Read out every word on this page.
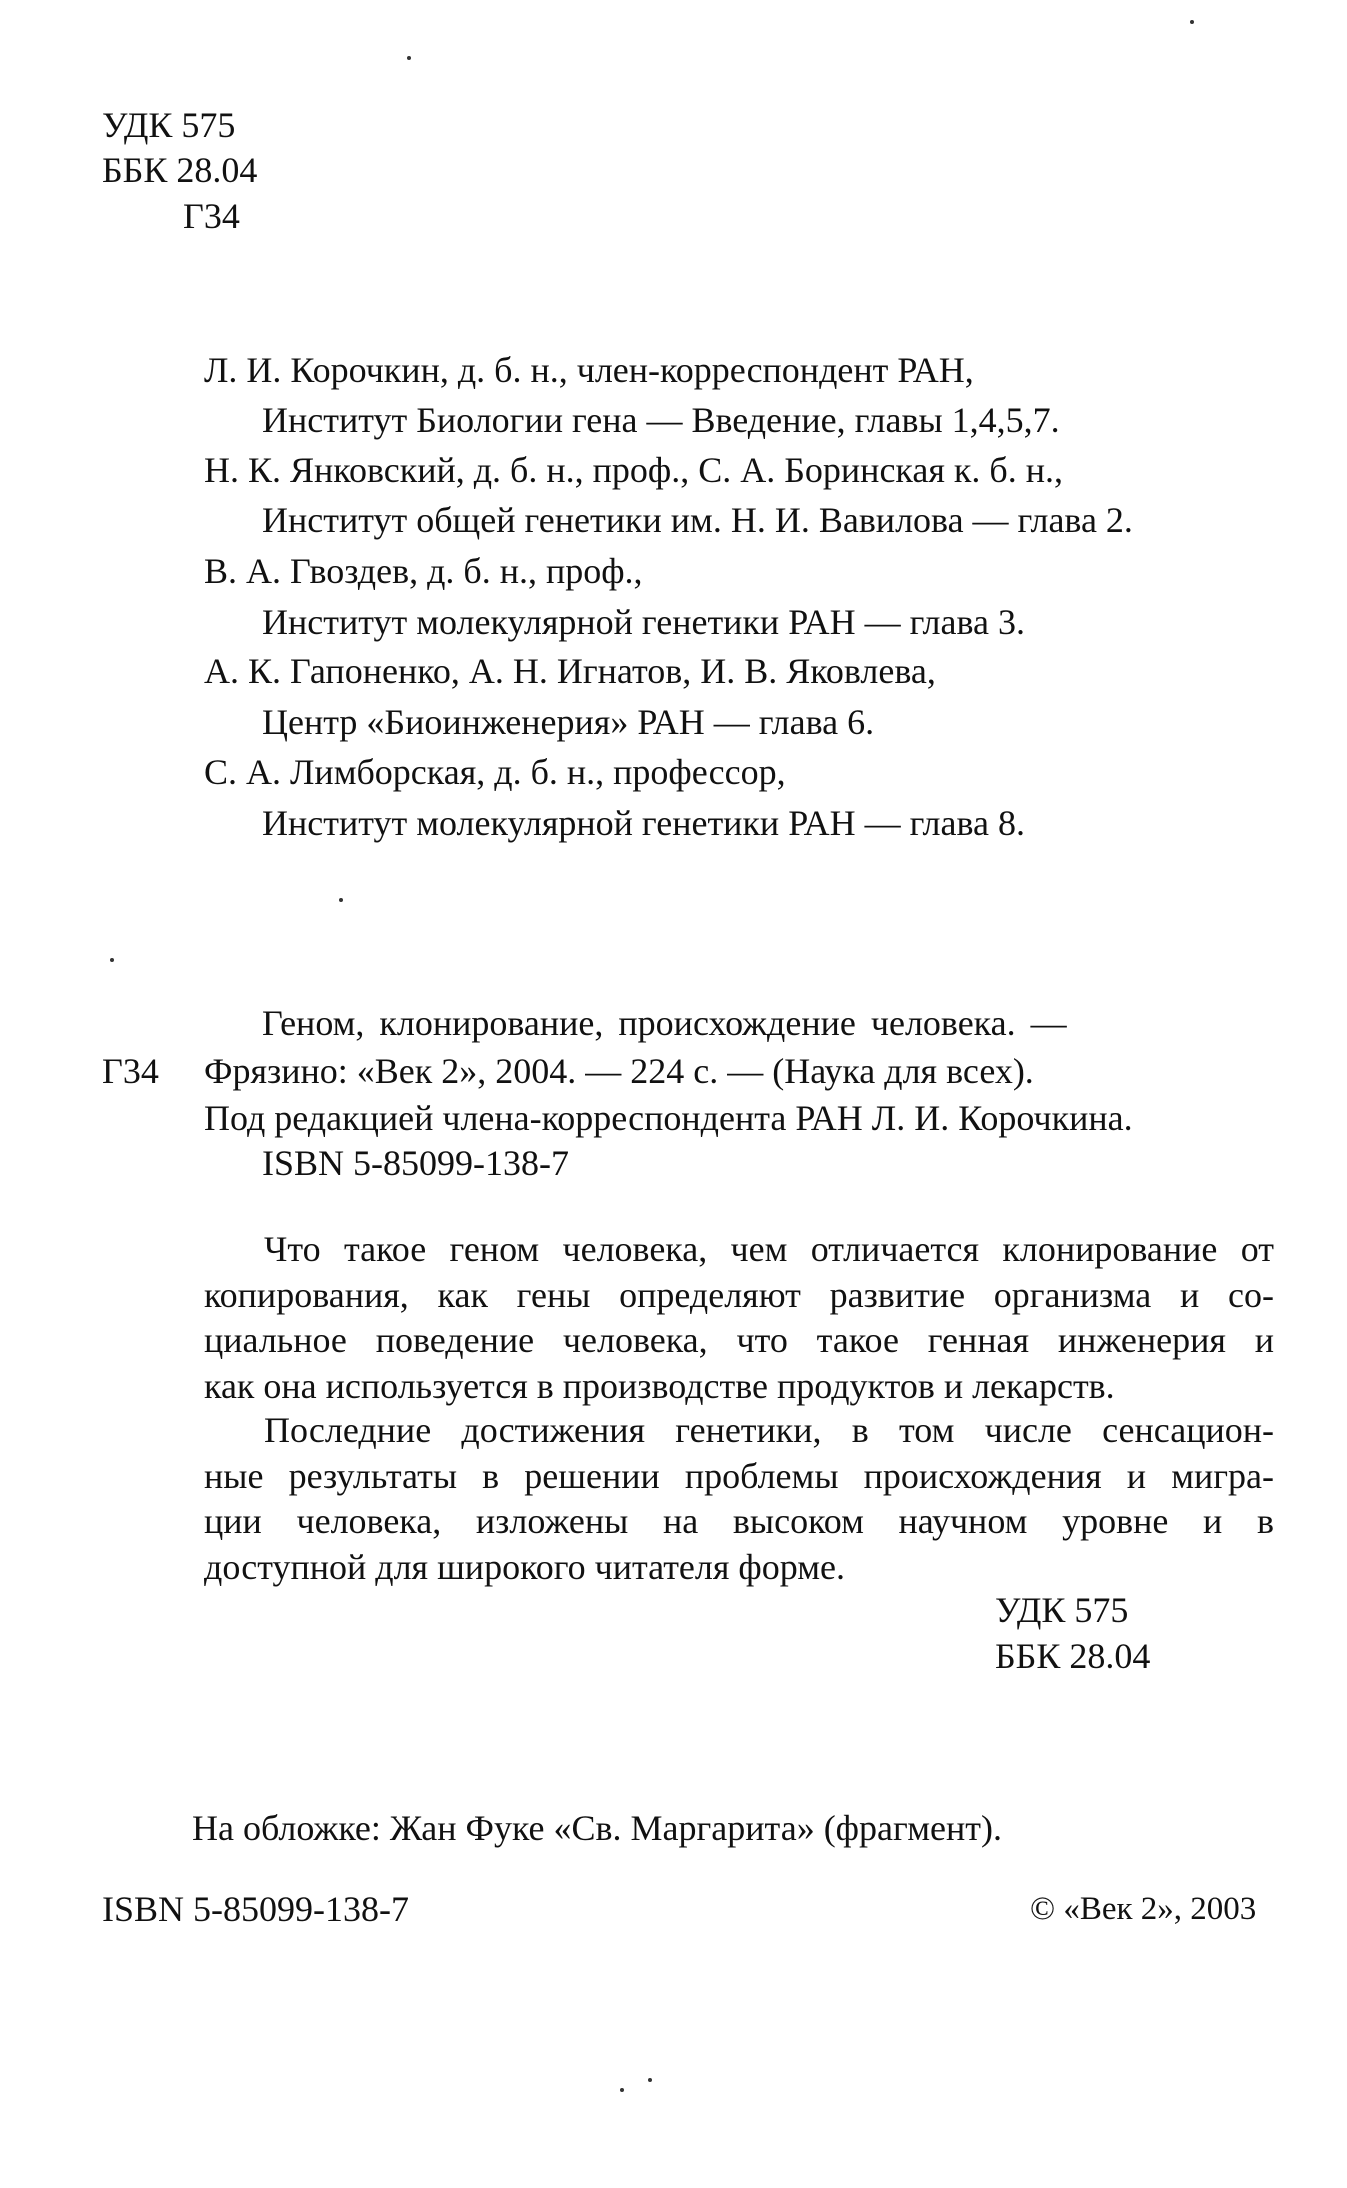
УДК 575
ББК 28.04
Г34
Л. И. Корочкин, д. б. н., член-корреспондент РАН,
Институт Биологии гена — Введение, главы 1,4,5,7.
Н. К. Янковский, д. б. н., проф., С. А. Боринская к. б. н.,
Институт общей генетики им. Н. И. Вавилова — глава 2.
В. А. Гвоздев, д. б. н., проф.,
Институт молекулярной генетики РАН — глава 3.
А. К. Гапоненко, А. Н. Игнатов, И. В. Яковлева,
Центр «Биоинженерия» РАН — глава 6.
С. А. Лимборская, д. б. н., профессор,
Институт молекулярной генетики РАН — глава 8.
Геном, клонирование, происхождение человека. —
Г34 Фрязино: «Век 2», 2004. — 224 с. — (Наука для всех).
Под редакцией члена-корреспондента РАН Л. И. Корочкина.
ISBN 5-85099-138-7
Что такое геном человека, чем отличается клонирование от
копирования, как гены определяют развитие организма и со-
циальное поведение человека, что такое генная инженерия и
как она используется в производстве продуктов и лекарств.
Последние достижения генетики, в том числе сенсацион-
ные результаты в решении проблемы происхождения и мигра-
ции человека, изложены на высоком научном уровне и в
доступной для широкого читателя форме.
УДК 575
ББК 28.04
На обложке: Жан Фуке «Св. Маргарита» (фрагмент).
ISBN 5-85099-138-7	© «Век 2», 2003
